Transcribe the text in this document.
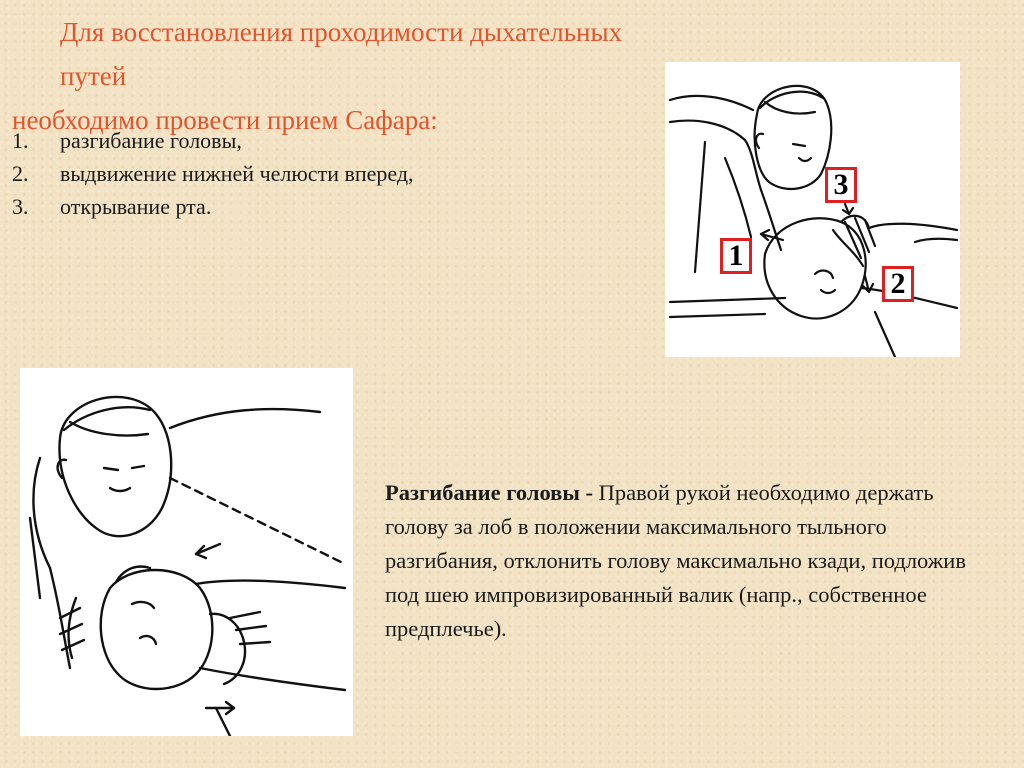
Для восстановления проходимости дыхательных путей
необходимо провести прием Сафара:
1.	разгибание головы,
2.	выдвижение нижней челюсти вперед,
3.	открывание рта.
3
1
2

Разгибание головы - Правой рукой необходимо держать голову за лоб в положении максимального тыльного разгибания, отклонить голову максимально кзади, подложив под шею импровизированный валик (напр., собственное предплечье).
